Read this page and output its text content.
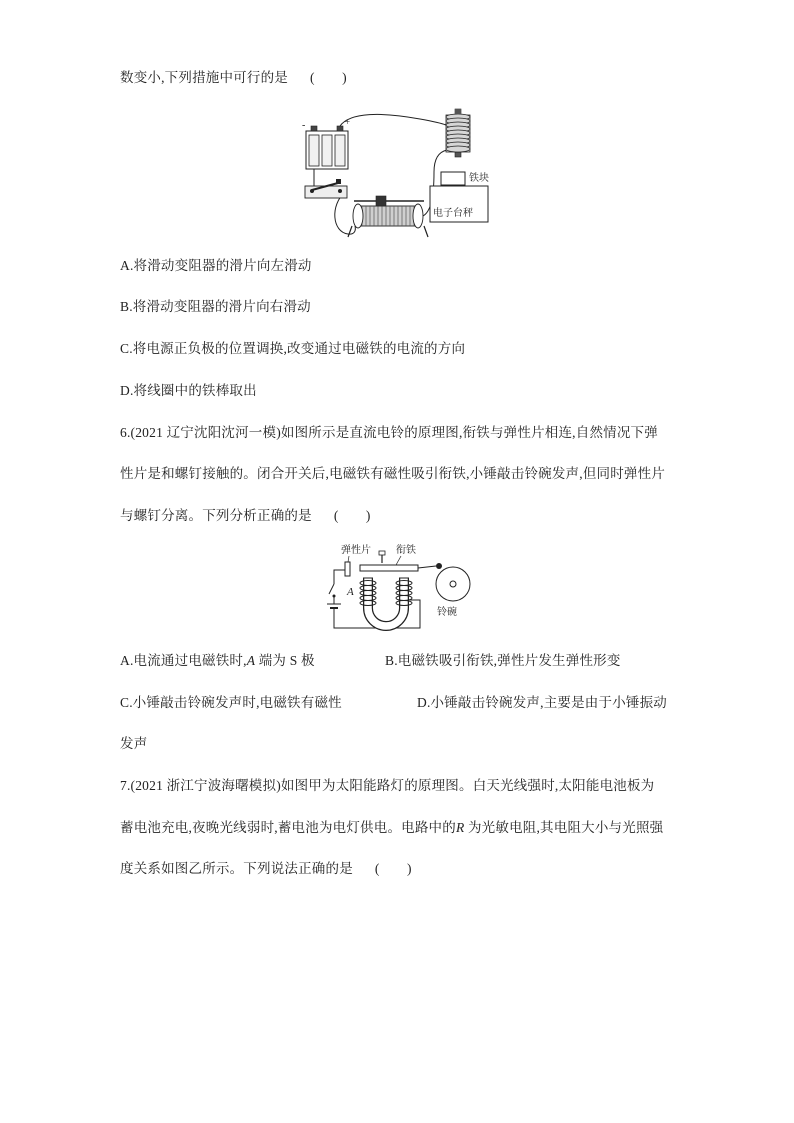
数变小,下列措施中可行的是 (　　)
-	+
铁块
电子台秤
A.将滑动变阻器的滑片向左滑动
B.将滑动变阻器的滑片向右滑动
C.将电源正负极的位置调换,改变通过电磁铁的电流的方向
D.将线圈中的铁棒取出
6.(2021 辽宁沈阳沈河一模)如图所示是直流电铃的原理图,衔铁与弹性片相连,自然情况下弹
性片是和螺钉接触的。闭合开关后,电磁铁有磁性吸引衔铁,小锤敲击铃碗发声,但同时弹性片
与螺钉分离。下列分析正确的是 (　　)
弹性片	衔铁
A
铃碗
A.电流通过电磁铁时,A 端为 S 极	B.电磁铁吸引衔铁,弹性片发生弹性形变
C.小锤敲击铃碗发声时,电磁铁有磁性	D.小锤敲击铃碗发声,主要是由于小锤振动
发声
7.(2021 浙江宁波海曙模拟)如图甲为太阳能路灯的原理图。白天光线强时,太阳能电池板为
蓄电池充电,夜晚光线弱时,蓄电池为电灯供电。电路中的R 为光敏电阻,其电阻大小与光照强
度关系如图乙所示。下列说法正确的是 (　　)
